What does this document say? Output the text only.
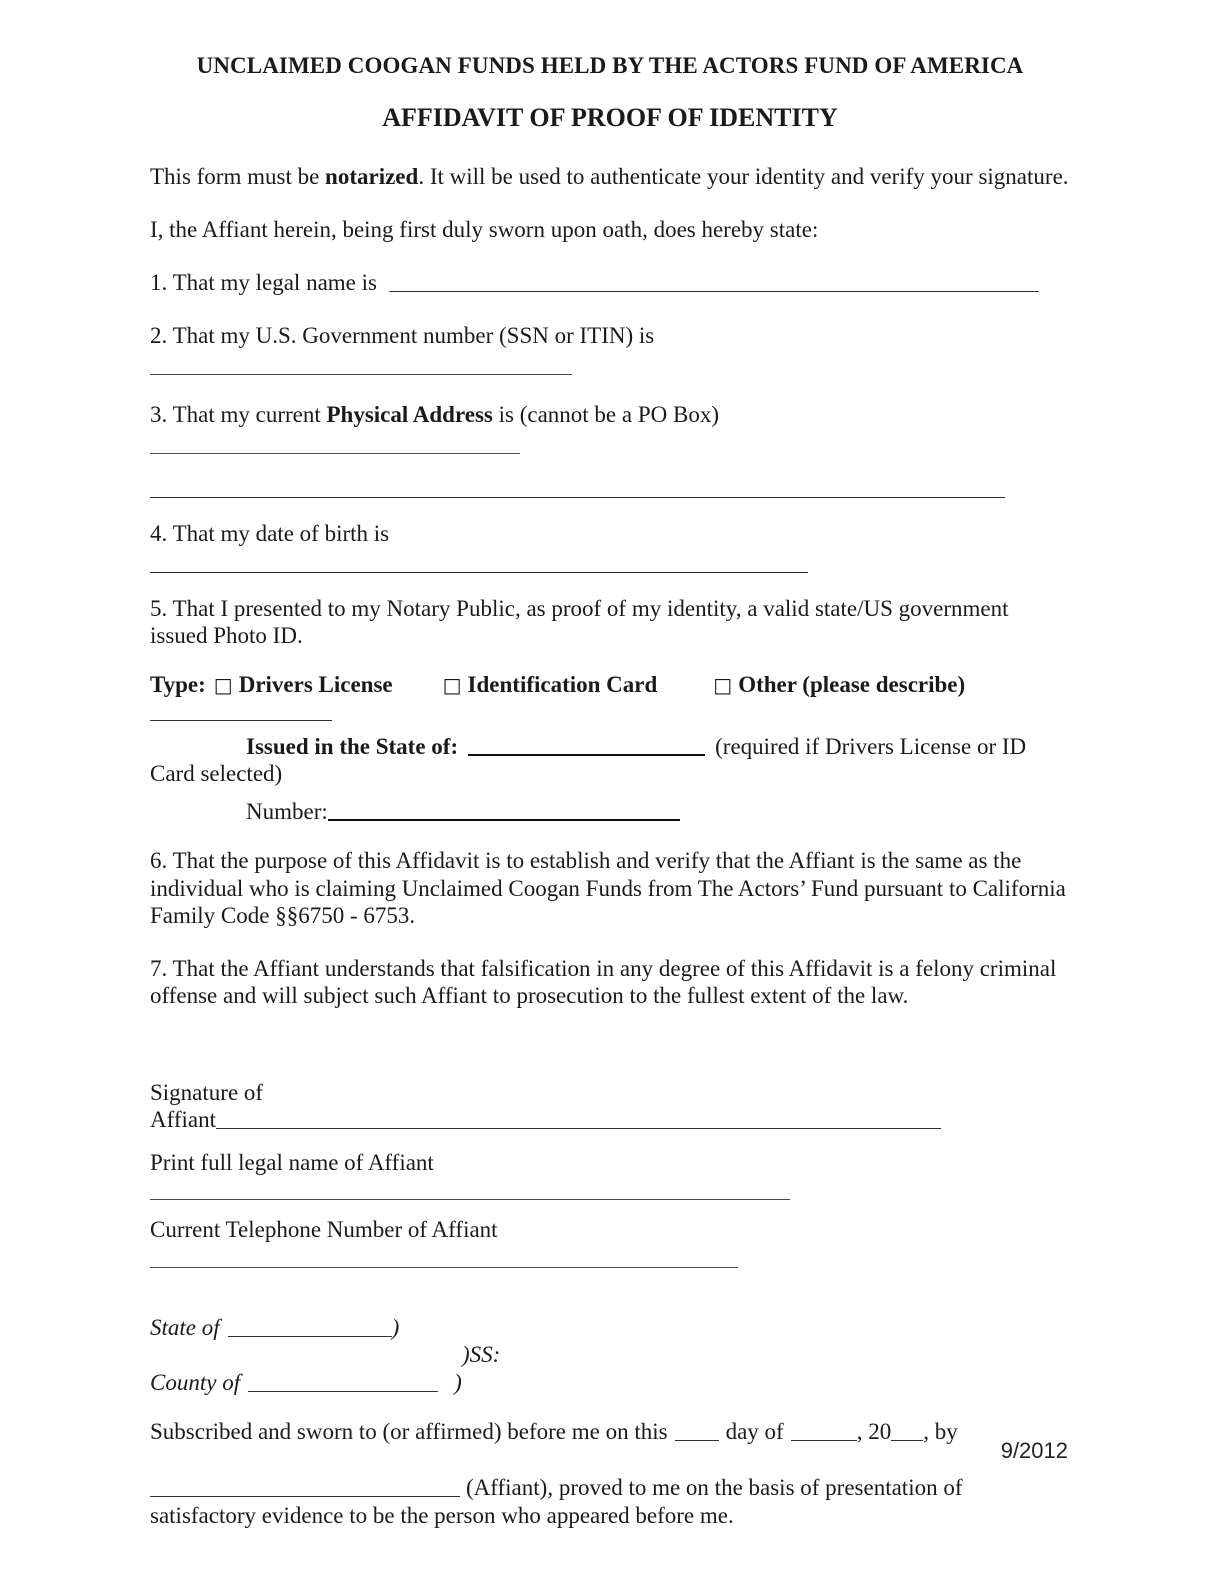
UNCLAIMED COOGAN FUNDS HELD BY THE ACTORS FUND OF AMERICA
AFFIDAVIT OF PROOF OF IDENTITY

This form must be notarized. It will be used to authenticate your identity and verify your signature.

I, the Affiant herein, being first duly sworn upon oath, does hereby state:

1. That my legal name is

2. That my U.S. Government number (SSN or ITIN) is

3. That my current Physical Address is (cannot be a PO Box)

4. That my date of birth is

5. That I presented to my Notary Public, as proof of my identity, a valid state/US government issued Photo ID.

Type: □ Drivers License	□ Identification Card	□ Other (please describe)

Issued in the State of:	(required if Drivers License or ID Card selected)

Number:

6. That the purpose of this Affidavit is to establish and verify that the Affiant is the same as the individual who is claiming Unclaimed Coogan Funds from The Actors’ Fund pursuant to California Family Code §§6750 - 6753.

7. That the Affiant understands that falsification in any degree of this Affidavit is a felony criminal offense and will subject such Affiant to prosecution to the fullest extent of the law.

Signature of

Affiant

Print full legal name of Affiant

Current Telephone Number of Affiant

State of	)

)SS:

County of	)

Subscribed and sworn to (or affirmed) before me on this	day of	, 20 , by

(Affiant), proved to me on the basis of presentation of satisfactory evidence to be the person who appeared before me.

9/2012
